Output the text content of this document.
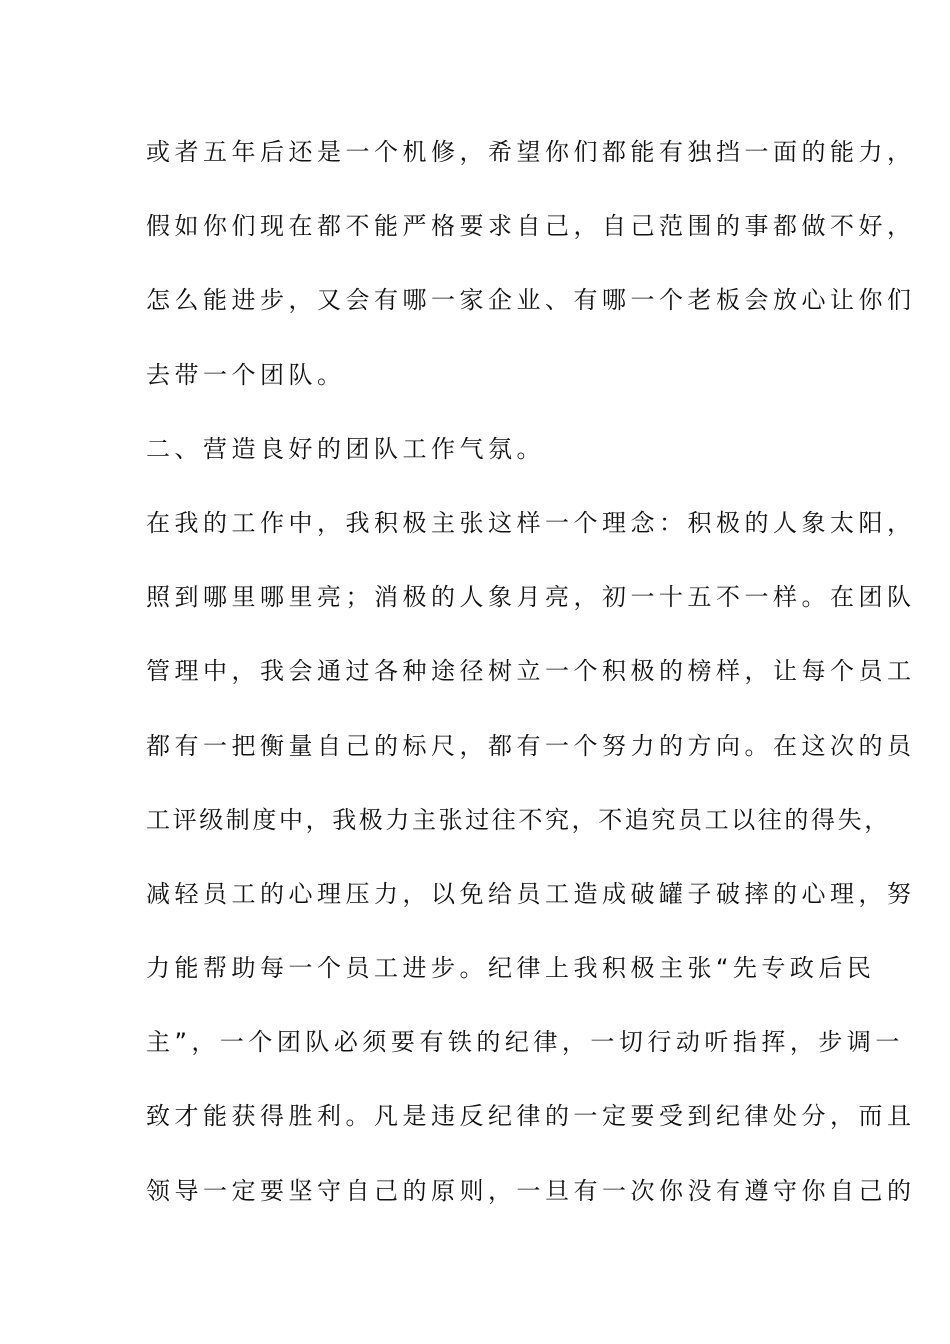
或者五年后还是一个机修，希望你们都能有独挡一面的能力，
假如你们现在都不能严格要求自己，自己范围的事都做不好，
怎么能进步，又会有哪一家企业、有哪一个老板会放心让你们
去带一个团队。
二、营造良好的团队工作气氛。
在我的工作中，我积极主张这样一个理念：积极的人象太阳，
照到哪里哪里亮；消极的人象月亮，初一十五不一样。在团队
管理中，我会通过各种途径树立一个积极的榜样，让每个员工
都有一把衡量自己的标尺，都有一个努力的方向。在这次的员
工评级制度中，我极力主张过往不究，不追究员工以往的得失，
减轻员工的心理压力，以免给员工造成破罐子破摔的心理，努
力能帮助每一个员工进步。纪律上我积极主张“先专政后民
主”，一个团队必须要有铁的纪律，一切行动听指挥，步调一
致才能获得胜利。凡是违反纪律的一定要受到纪律处分，而且
领导一定要坚守自己的原则，一旦有一次你没有遵守你自己的
